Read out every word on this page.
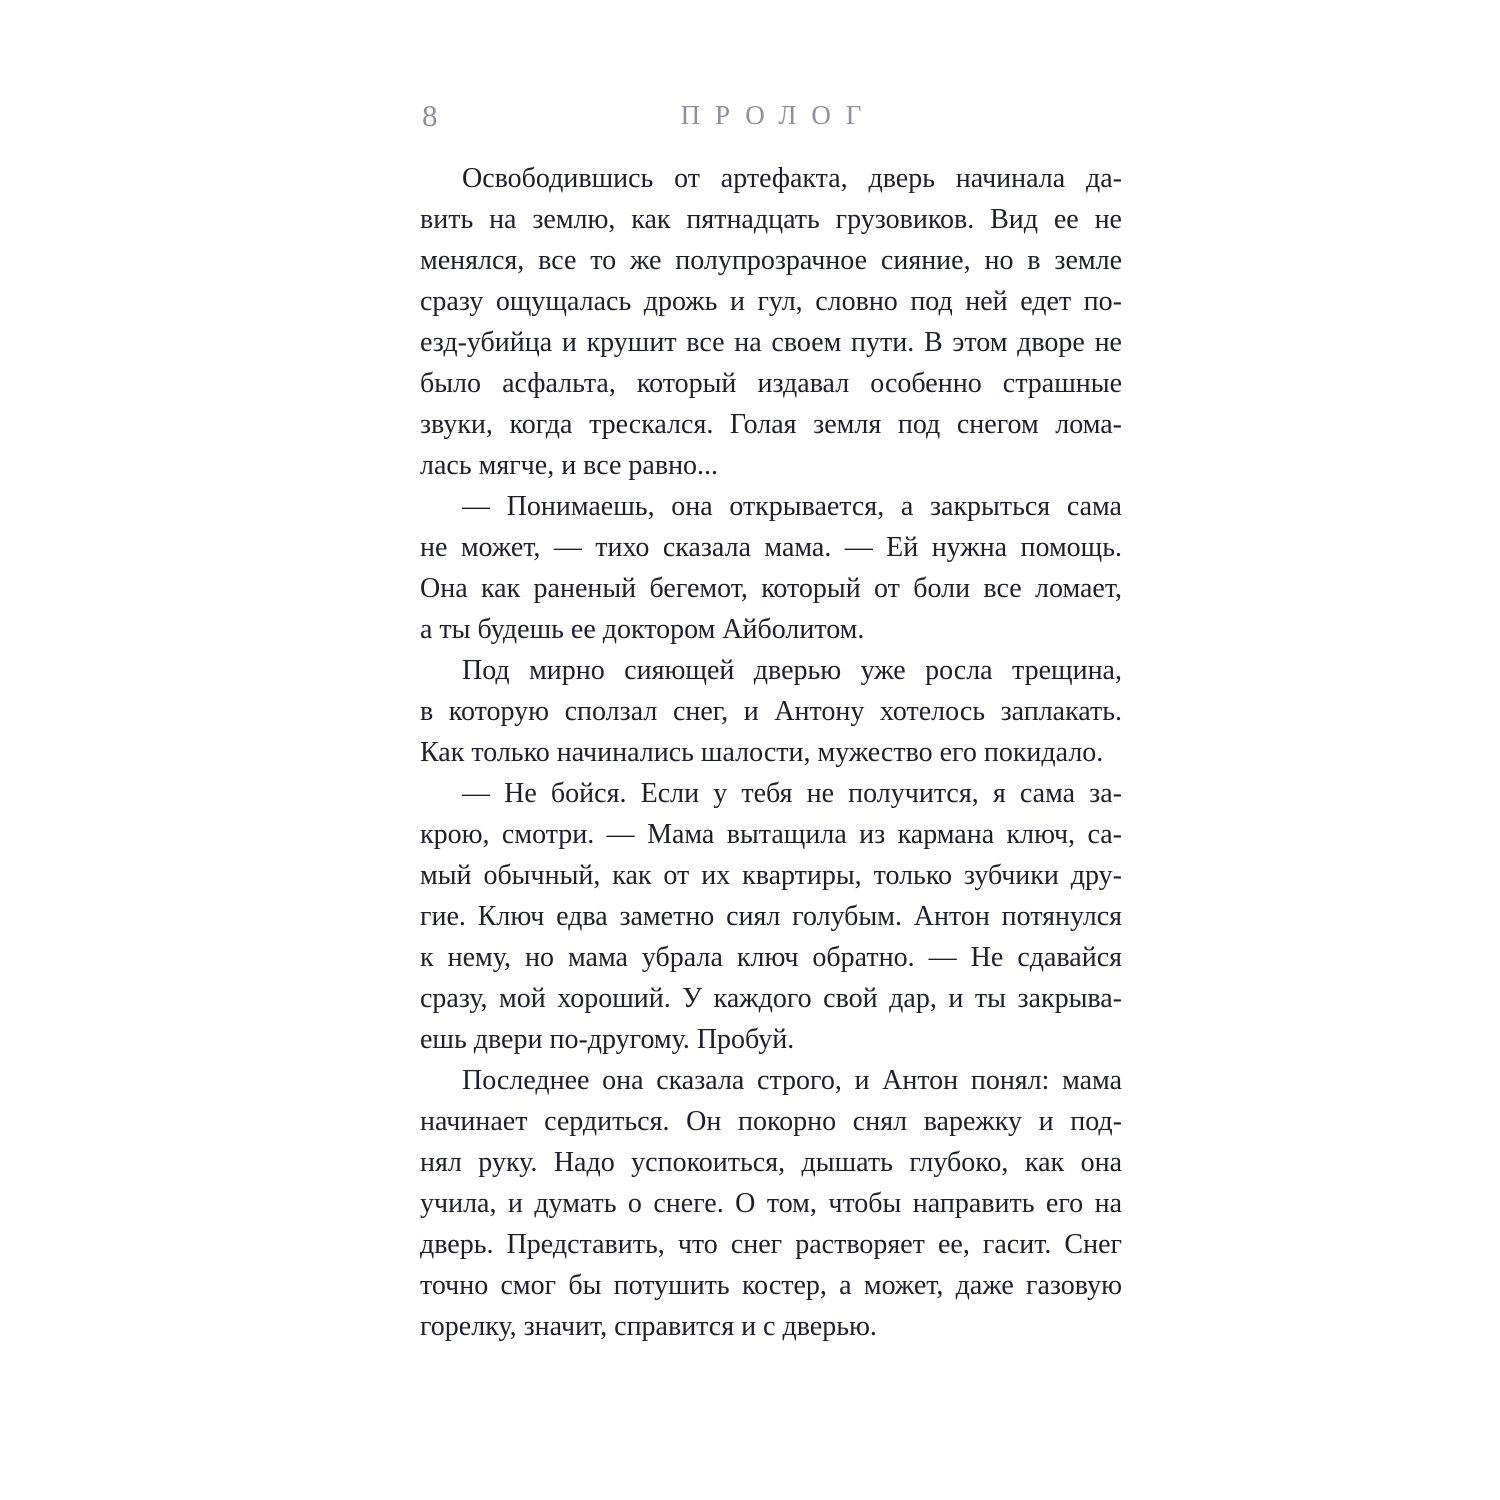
8	ПРОЛОГ
Освободившись от артефакта, дверь начинала да-
вить на землю, как пятнадцать грузовиков. Вид ее не
менялся, все то же полупрозрачное сияние, но в земле
сразу ощущалась дрожь и гул, словно под ней едет по-
езд-убийца и крушит все на своем пути. В этом дворе не
было асфальта, который издавал особенно страшные
звуки, когда трескался. Голая земля под снегом лома-
лась мягче, и все равно...
— Понимаешь, она открывается, а закрыться сама
не может, — тихо сказала мама. — Ей нужна помощь.
Она как раненый бегемот, который от боли все ломает,
а ты будешь ее доктором Айболитом.
Под мирно сияющей дверью уже росла трещина,
в которую сползал снег, и Антону хотелось заплакать.
Как только начинались шалости, мужество его покидало.
— Не бойся. Если у тебя не получится, я сама за-
крою, смотри. — Мама вытащила из кармана ключ, са-
мый обычный, как от их квартиры, только зубчики дру-
гие. Ключ едва заметно сиял голубым. Антон потянулся
к нему, но мама убрала ключ обратно. — Не сдавайся
сразу, мой хороший. У каждого свой дар, и ты закрыва-
ешь двери по-другому. Пробуй.
Последнее она сказала строго, и Антон понял: мама
начинает сердиться. Он покорно снял варежку и под-
нял руку. Надо успокоиться, дышать глубоко, как она
учила, и думать о снеге. О том, чтобы направить его на
дверь. Представить, что снег растворяет ее, гасит. Снег
точно смог бы потушить костер, а может, даже газовую
горелку, значит, справится и с дверью.
